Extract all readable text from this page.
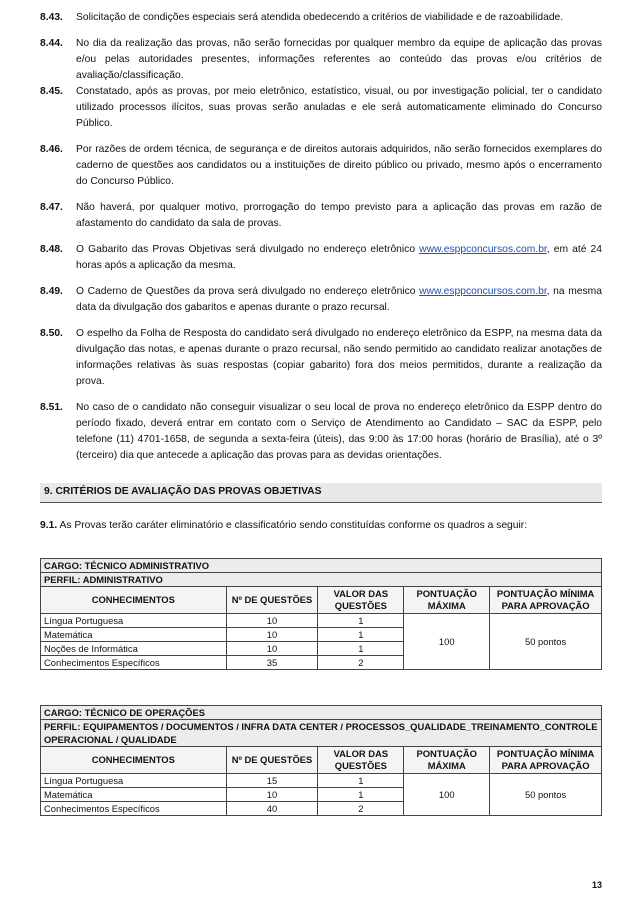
8.43.	Solicitação de condições especiais será atendida obedecendo a critérios de viabilidade e de razoabilidade.
8.44.	No dia da realização das provas, não serão fornecidas por qualquer membro da equipe de aplicação das provas e/ou pelas autoridades presentes, informações referentes ao conteúdo das provas e/ou critérios de avaliação/classificação.
8.45.	Constatado, após as provas, por meio eletrônico, estatístico, visual, ou por investigação policial, ter o candidato utilizado processos ilícitos, suas provas serão anuladas e ele será automaticamente eliminado do Concurso Público.
8.46.	Por razões de ordem técnica, de segurança e de direitos autorais adquiridos, não serão fornecidos exemplares do caderno de questões aos candidatos ou a instituições de direito público ou privado, mesmo após o encerramento do Concurso Público.
8.47.	Não haverá, por qualquer motivo, prorrogação do tempo previsto para a aplicação das provas em razão de afastamento do candidato da sala de provas.
8.48.	O Gabarito das Provas Objetivas será divulgado no endereço eletrônico www.esppconcursos.com.br, em até 24 horas após a aplicação da mesma.
8.49.	O Caderno de Questões da prova será divulgado no endereço eletrônico www.esppconcursos.com.br, na mesma data da divulgação dos gabaritos e apenas durante o prazo recursal.
8.50.	O espelho da Folha de Resposta do candidato será divulgado no endereço eletrônico da ESPP, na mesma data da divulgação das notas, e apenas durante o prazo recursal, não sendo permitido ao candidato realizar anotações de informações relativas às suas respostas (copiar gabarito) fora dos meios permitidos, durante a realização da prova.
8.51.	No caso de o candidato não conseguir visualizar o seu local de prova no endereço eletrônico da ESPP dentro do período fixado, deverá entrar em contato com o Serviço de Atendimento ao Candidato – SAC da ESPP, pelo telefone (11) 4701-1658, de segunda a sexta-feira (úteis), das 9:00 às 17:00 horas (horário de Brasília), até o 3º (terceiro) dia que antecede a aplicação das provas para as devidas orientações.
9. CRITÉRIOS DE AVALIAÇÃO DAS PROVAS OBJETIVAS
9.1. As Provas terão caráter eliminatório e classificatório sendo constituídas conforme os quadros a seguir:
CARGO: TÉCNICO ADMINISTRATIVO				
PERFIL: ADMINISTRATIVO				
CONHECIMENTOS	Nº DE QUESTÕES	VALOR DAS QUESTÕES	PONTUAÇÃO MÁXIMA	PONTUAÇÃO MÍNIMA PARA APROVAÇÃO
Língua Portuguesa	10	1	100	50 pontos
Matemática	10	1		
Noções de Informática	10	1		
Conhecimentos Específicos	35	2		
CARGO: TÉCNICO DE OPERAÇÕES				
PERFIL: EQUIPAMENTOS / DOCUMENTOS / INFRA DATA CENTER / PROCESSOS_QUALIDADE_TREINAMENTO_CONTROLE OPERACIONAL / QUALIDADE				
CONHECIMENTOS	Nº DE QUESTÕES	VALOR DAS QUESTÕES	PONTUAÇÃO MÁXIMA	PONTUAÇÃO MÍNIMA PARA APROVAÇÃO
Língua Portuguesa	15	1	100	50 pontos
Matemática	10	1		
Conhecimentos Específicos	40	2		
13
